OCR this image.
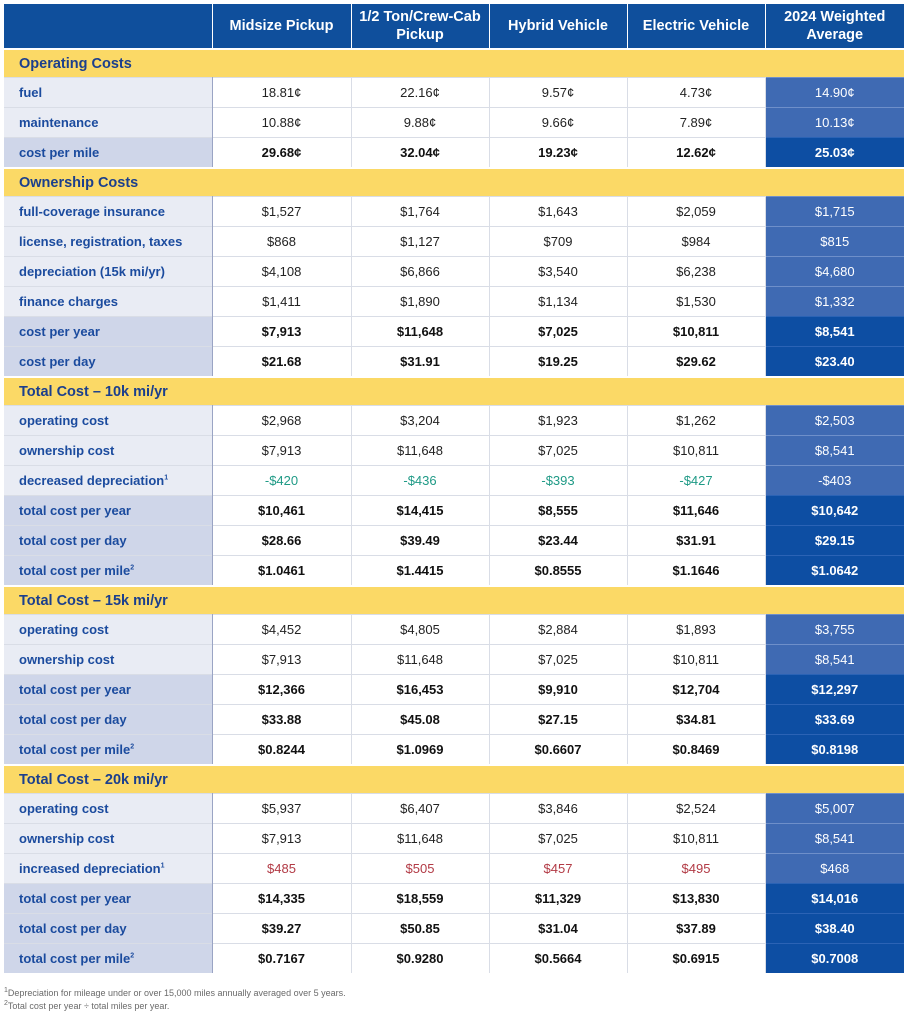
	Midsize Pickup	1/2 Ton/Crew-Cab Pickup	Hybrid Vehicle	Electric Vehicle	2024 Weighted Average
Operating Costs					
fuel	18.81¢	22.16¢	9.57¢	4.73¢	14.90¢
maintenance	10.88¢	9.88¢	9.66¢	7.89¢	10.13¢
cost per mile	29.68¢	32.04¢	19.23¢	12.62¢	25.03¢
Ownership Costs					
full-coverage insurance	$1,527	$1,764	$1,643	$2,059	$1,715
license, registration, taxes	$868	$1,127	$709	$984	$815
depreciation (15k mi/yr)	$4,108	$6,866	$3,540	$6,238	$4,680
finance charges	$1,411	$1,890	$1,134	$1,530	$1,332
cost per year	$7,913	$11,648	$7,025	$10,811	$8,541
cost per day	$21.68	$31.91	$19.25	$29.62	$23.40
Total Cost – 10k mi/yr					
operating cost	$2,968	$3,204	$1,923	$1,262	$2,503
ownership cost	$7,913	$11,648	$7,025	$10,811	$8,541
decreased depreciation$^1$	-$420	-$436	-$393	-$427	-$403
total cost per year	$10,461	$14,415	$8,555	$11,646	$10,642
total cost per day	$28.66	$39.49	$23.44	$31.91	$29.15
total cost per mile$^2$	$1.0461	$1.4415	$0.8555	$1.1646	$1.0642
Total Cost – 15k mi/yr					
operating cost	$4,452	$4,805	$2,884	$1,893	$3,755
ownership cost	$7,913	$11,648	$7,025	$10,811	$8,541
total cost per year	$12,366	$16,453	$9,910	$12,704	$12,297
total cost per day	$33.88	$45.08	$27.15	$34.81	$33.69
total cost per mile$^2$	$0.8244	$1.0969	$0.6607	$0.8469	$0.8198
Total Cost – 20k mi/yr					
operating cost	$5,937	$6,407	$3,846	$2,524	$5,007
ownership cost	$7,913	$11,648	$7,025	$10,811	$8,541
increased depreciation$^1$	$485	$505	$457	$495	$468
total cost per year	$14,335	$18,559	$11,329	$13,830	$14,016
total cost per day	$39.27	$50.85	$31.04	$37.89	$38.40
total cost per mile$^2$	$0.7167	$0.9280	$0.5664	$0.6915	$0.7008
$^1$Depreciation for mileage under or over 15,000 miles annually averaged over 5 years.
$^2$Total cost per year ÷ total miles per year.
